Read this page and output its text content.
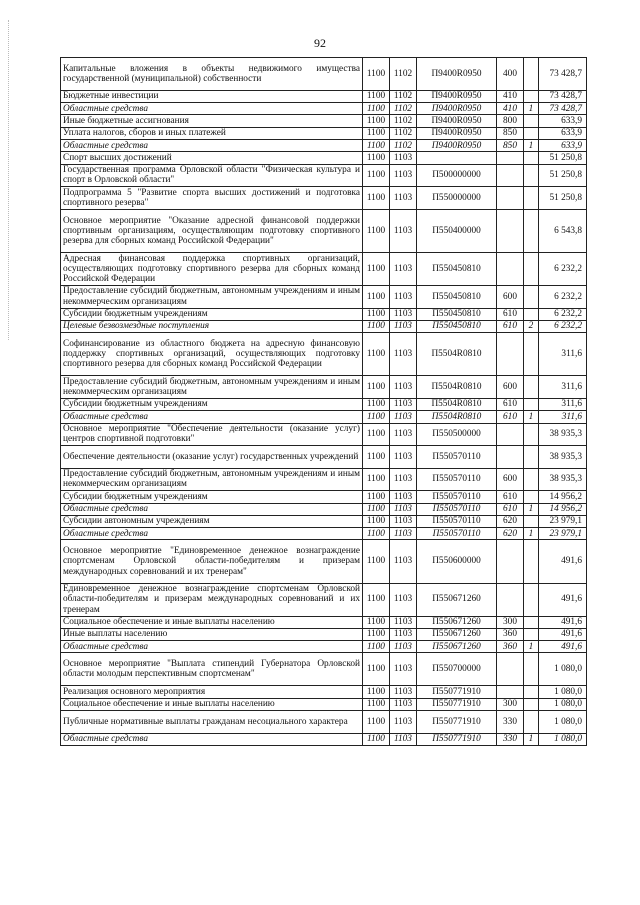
92
Капитальные вложения в объекты недвижимого имущества государственной (муниципальной) собственности	1100	1102	П9400R0950	400		73 428,7
Бюджетные инвестиции	1100	1102	П9400R0950	410		73 428,7
Областные средства	1100	1102	П9400R0950	410	1	73 428,7
Иные бюджетные ассигнования	1100	1102	П9400R0950	800		633,9
Уплата налогов, сборов и иных платежей	1100	1102	П9400R0950	850		633,9
Областные средства	1100	1102	П9400R0950	850	1	633,9
Спорт высших достижений	1100	1103				51 250,8
Государственная программа Орловской области "Физическая культура и спорт в Орловской области"	1100	1103	П500000000			51 250,8
Подпрограмма 5 "Развитие спорта высших достижений и подготовка спортивного резерва"	1100	1103	П550000000			51 250,8
Основное мероприятие "Оказание адресной финансовой поддержки спортивным организациям, осуществляющим подготовку спортивного резерва для сборных команд Российской Федерации"	1100	1103	П550400000			6 543,8
Адресная финансовая поддержка спортивных организаций, осуществляющих подготовку спортивного резерва для сборных команд Российской Федерации	1100	1103	П550450810			6 232,2
Предоставление субсидий бюджетным, автономным учреждениям и иным некоммерческим организациям	1100	1103	П550450810	600		6 232,2
Субсидии бюджетным учреждениям	1100	1103	П550450810	610		6 232,2
Целевые безвозмездные поступления	1100	1103	П550450810	610	2	6 232,2
Софинансирование из областного бюджета на адресную финансовую поддержку спортивных организаций, осуществляющих подготовку спортивного резерва для сборных команд Российской Федерации	1100	1103	П5504R0810			311,6
Предоставление субсидий бюджетным, автономным учреждениям и иным некоммерческим организациям	1100	1103	П5504R0810	600		311,6
Субсидии бюджетным учреждениям	1100	1103	П5504R0810	610		311,6
Областные средства	1100	1103	П5504R0810	610	1	311,6
Основное мероприятие "Обеспечение деятельности (оказание услуг) центров спортивной подготовки"	1100	1103	П550500000			38 935,3
Обеспечение деятельности (оказание услуг) государственных учреждений	1100	1103	П550570110			38 935,3
Предоставление субсидий бюджетным, автономным учреждениям и иным некоммерческим организациям	1100	1103	П550570110	600		38 935,3
Субсидии бюджетным учреждениям	1100	1103	П550570110	610		14 956,2
Областные средства	1100	1103	П550570110	610	1	14 956,2
Субсидии автономным учреждениям	1100	1103	П550570110	620		23 979,1
Областные средства	1100	1103	П550570110	620	1	23 979,1
Основное мероприятие "Единовременное денежное вознаграждение спортсменам Орловской области-победителям и призерам международных соревнований и их тренерам"	1100	1103	П550600000			491,6
Единовременное денежное вознаграждение спортсменам Орловской области-победителям и призерам международных соревнований и их тренерам	1100	1103	П550671260			491,6
Социальное обеспечение и иные выплаты населению	1100	1103	П550671260	300		491,6
Иные выплаты населению	1100	1103	П550671260	360		491,6
Областные средства	1100	1103	П550671260	360	1	491,6
Основное мероприятие "Выплата стипендий Губернатора Орловской области молодым перспективным спортсменам"	1100	1103	П550700000			1 080,0
Реализация основного мероприятия	1100	1103	П550771910			1 080,0
Социальное обеспечение и иные выплаты населению	1100	1103	П550771910	300		1 080,0
Публичные нормативные выплаты гражданам несоциального характера	1100	1103	П550771910	330		1 080,0
Областные средства	1100	1103	П550771910	330	1	1 080,0
